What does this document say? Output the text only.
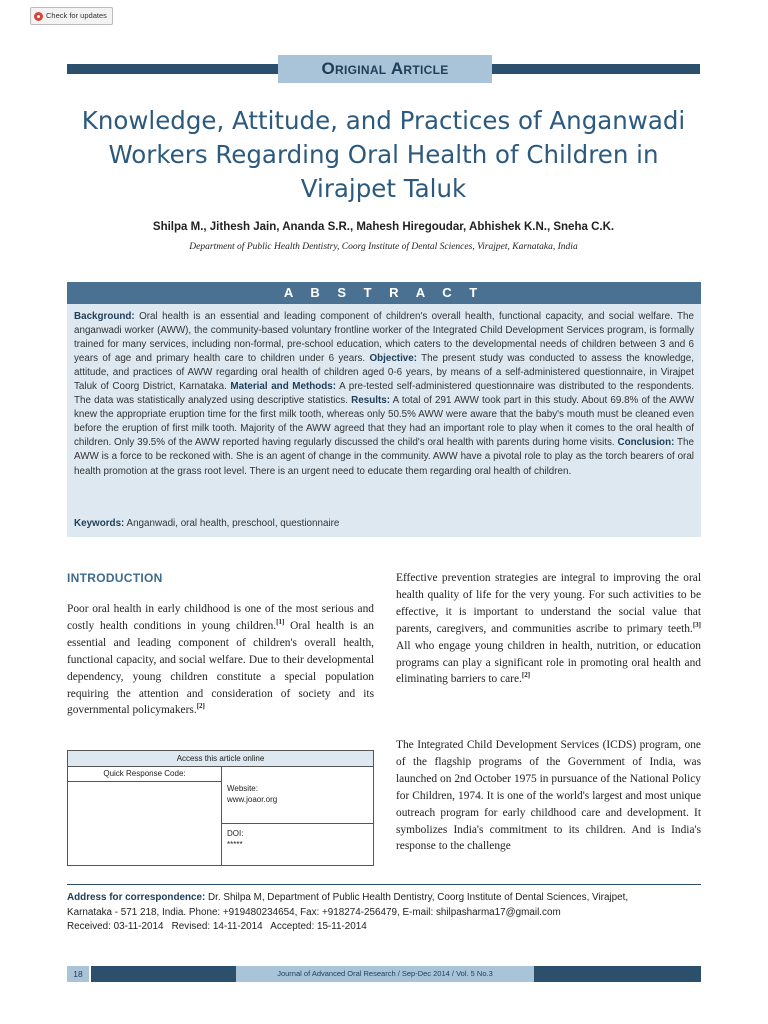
Check for updates
Original Article
Knowledge, Attitude, and Practices of Anganwadi Workers Regarding Oral Health of Children in Virajpet Taluk
Shilpa M., Jithesh Jain, Ananda S.R., Mahesh Hiregoudar, Abhishek K.N., Sneha C.K.
Department of Public Health Dentistry, Coorg Institute of Dental Sciences, Virajpet, Karnataka, India
A B S T R A C T
Background: Oral health is an essential and leading component of children's overall health, functional capacity, and social welfare. The anganwadi worker (AWW), the community-based voluntary frontline worker of the Integrated Child Development Services program, is formally trained for many services, including non-formal, pre-school education, which caters to the developmental needs of children between 3 and 6 years of age and primary health care to children under 6 years. Objective: The present study was conducted to assess the knowledge, attitude, and practices of AWW regarding oral health of children aged 0-6 years, by means of a self-administered questionnaire, in Virajpet Taluk of Coorg District, Karnataka. Material and Methods: A pre-tested self-administered questionnaire was distributed to the respondents. The data was statistically analyzed using descriptive statistics. Results: A total of 291 AWW took part in this study. About 69.8% of the AWW knew the appropriate eruption time for the first milk tooth, whereas only 50.5% AWW were aware that the baby's mouth must be cleaned even before the eruption of first milk tooth. Majority of the AWW agreed that they had an important role to play when it comes to the oral health of children. Only 39.5% of the AWW reported having regularly discussed the child's oral health with parents during home visits. Conclusion: The AWW is a force to be reckoned with. She is an agent of change in the community. AWW have a pivotal role to play as the torch bearers of oral health promotion at the grass root level. There is an urgent need to educate them regarding oral health of children.
Keywords: Anganwadi, oral health, preschool, questionnaire
INTRODUCTION

Poor oral health in early childhood is one of the most serious and costly health conditions in young children.[1] Oral health is an essential and leading component of children's overall health, functional capacity, and social welfare. Due to their developmental dependency, young children constitute a special population requiring the attention and consideration of society and its governmental policymakers.[2]

Access this article online
Quick Response Code:
Website:
www.joaor.org
DOI:
*****

Effective prevention strategies are integral to improving the oral health quality of life for the very young. For such activities to be effective, it is important to understand the social value that parents, caregivers, and communities ascribe to primary teeth.[3] All who engage young children in health, nutrition, or education programs can play a significant role in promoting oral health and eliminating barriers to care.[2]

The Integrated Child Development Services (ICDS) program, one of the flagship programs of the Government of India, was launched on 2nd October 1975 in pursuance of the National Policy for Children, 1974. It is one of the world's largest and most unique outreach program for early childhood care and development. It symbolizes India's commitment to its children. And is India's response to the challenge

Address for correspondence: Dr. Shilpa M, Department of Public Health Dentistry, Coorg Institute of Dental Sciences, Virajpet,
Karnataka - 571 218, India. Phone: +919480234654, Fax: +918274-256479, E-mail: shilpasharma17@gmail.com
Received: 03-11-2014   Revised: 14-11-2014   Accepted: 15-11-2014
18	Journal of Advanced Oral Research / Sep-Dec 2014 / Vol. 5 No.3
